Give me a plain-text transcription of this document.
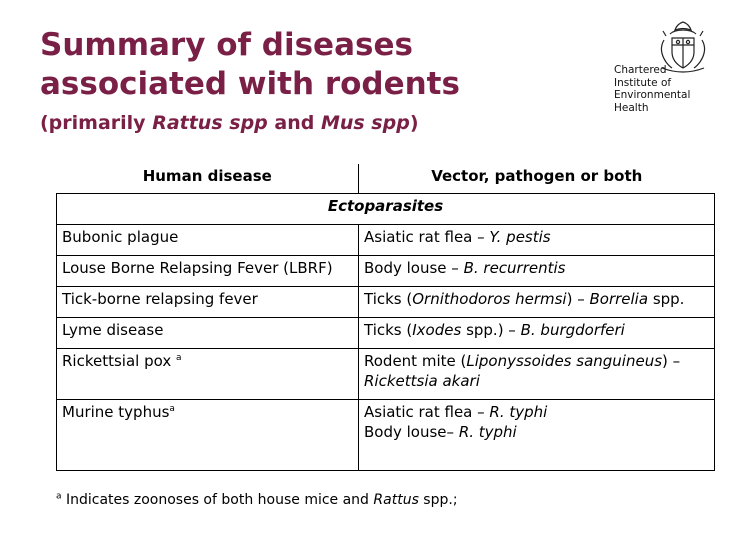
Summary of diseases
associated with rodents

(primarily Rattus spp and Mus spp)

Chartered
Institute of
Environmental
Health

Human disease	Vector, pathogen or both
Ectoparasites	
Bubonic plague	Asiatic rat flea – Y. pestis
Louse Borne Relapsing Fever (LBRF)	Body louse – B. recurrentis
Tick-borne relapsing fever	Ticks (Ornithodoros hermsi) – Borrelia spp.
Lyme disease	Ticks (Ixodes spp.) – B. burgdorferi
Rickettsial pox $^a$	Rodent mite (Liponyssoides sanguineus) –
Rickettsia akari
Murine typhus$^a$	Asiatic rat flea – R. typhi
Body louse– R. typhi

$^a$ Indicates zoonoses of both house mice and Rattus spp.;
